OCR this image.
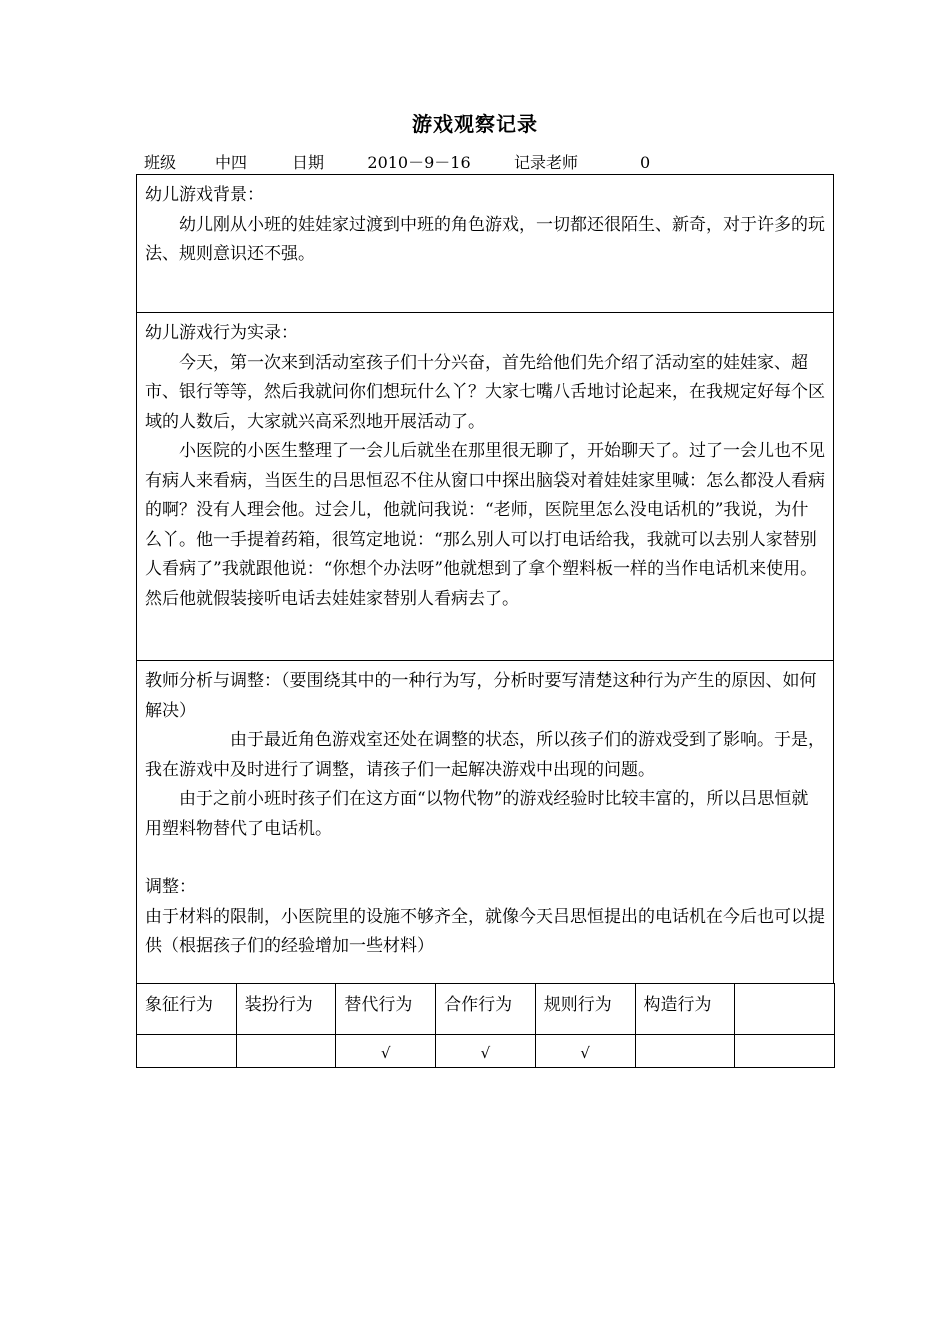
游戏观察记录
班级 中四	日期	2010－9－16	记录老师	0

幼儿游戏背景：

幼儿刚从小班的娃娃家过渡到中班的角色游戏，一切都还很陌生、新奇，对于许多的玩法、规则意识还不强。

幼儿游戏行为实录：

今天，第一次来到活动室孩子们十分兴奋，首先给他们先介绍了活动室的娃娃家、超市、银行等等，然后我就问你们想玩什么丫？大家七嘴八舌地讨论起来，在我规定好每个区域的人数后，大家就兴高采烈地开展活动了。

小医院的小医生整理了一会儿后就坐在那里很无聊了，开始聊天了。过了一会儿也不见有病人来看病，当医生的吕思恒忍不住从窗口中探出脑袋对着娃娃家里喊：怎么都没人看病的啊？没有人理会他。过会儿，他就问我说：“老师，医院里怎么没电话机的”我说，为什么丫。他一手提着药箱，很笃定地说：“那么别人可以打电话给我，我就可以去别人家替别人看病了”我就跟他说：“你想个办法呀”他就想到了拿个塑料板一样的当作电话机来使用。然后他就假装接听电话去娃娃家替别人看病去了。

教师分析与调整：（要围绕其中的一种行为写，分析时要写清楚这种行为产生的原因、如何解决）

由于最近角色游戏室还处在调整的状态，所以孩子们的游戏受到了影响。于是，我在游戏中及时进行了调整，请孩子们一起解决游戏中出现的问题。

由于之前小班时孩子们在这方面“以物代物”的游戏经验时比较丰富的，所以吕思恒就用塑料物替代了电话机。

调整：

由于材料的限制，小医院里的设施不够齐全，就像今天吕思恒提出的电话机在今后也可以提供（根据孩子们的经验增加一些材料）

象征行为	装扮行为	替代行为	合作行为	规则行为	构造行为	
		√	√	√		
